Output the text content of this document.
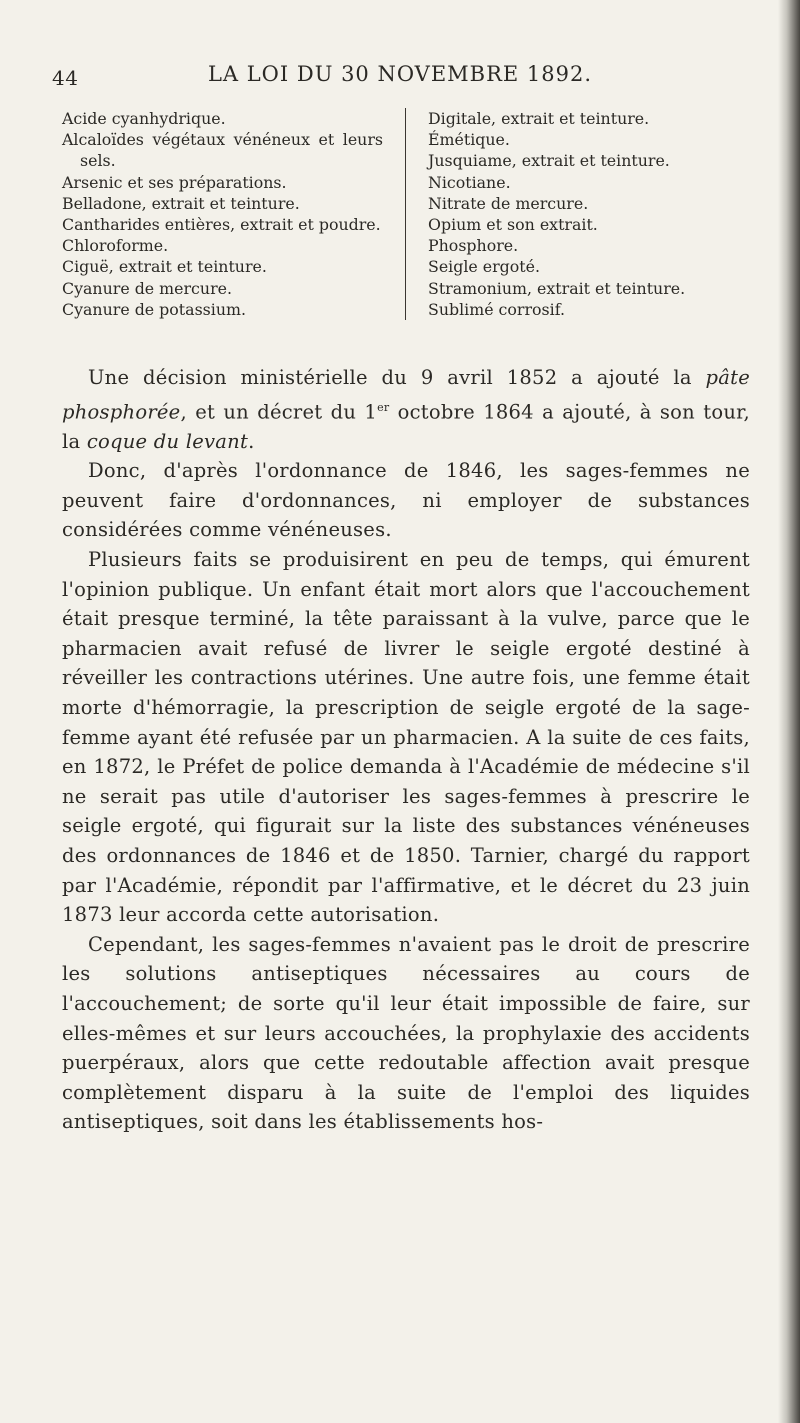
44	LA LOI DU 30 NOVEMBRE 1892.
Acide cyanhydrique.
Alcaloïdes végétaux vénéneux et leurs sels.
Arsenic et ses préparations.
Belladone, extrait et teinture.
Cantharides entières, extrait et poudre.
Chloroforme.
Ciguë, extrait et teinture.
Cyanure de mercure.
Cyanure de potassium.
Digitale, extrait et teinture.
Émétique.
Jusquiame, extrait et teinture.
Nicotiane.
Nitrate de mercure.
Opium et son extrait.
Phosphore.
Seigle ergoté.
Stramonium, extrait et teinture.
Sublimé corrosif.

Une décision ministérielle du 9 avril 1852 a ajouté la pâte phosphorée, et un décret du 1er octobre 1864 a ajouté, à son tour, la coque du levant.

Donc, d'après l'ordonnance de 1846, les sages-femmes ne peuvent faire d'ordonnances, ni employer de substances considérées comme vénéneuses.

Plusieurs faits se produisirent en peu de temps, qui émurent l'opinion publique. Un enfant était mort alors que l'accouchement était presque terminé, la tête paraissant à la vulve, parce que le pharmacien avait refusé de livrer le seigle ergoté destiné à réveiller les contractions utérines. Une autre fois, une femme était morte d'hémorragie, la prescription de seigle ergoté de la sage-femme ayant été refusée par un pharmacien. A la suite de ces faits, en 1872, le Préfet de police demanda à l'Académie de médecine s'il ne serait pas utile d'autoriser les sages-femmes à prescrire le seigle ergoté, qui figurait sur la liste des substances vénéneuses des ordonnances de 1846 et de 1850. Tarnier, chargé du rapport par l'Académie, répondit par l'affirmative, et le décret du 23 juin 1873 leur accorda cette autorisation.

Cependant, les sages-femmes n'avaient pas le droit de prescrire les solutions antiseptiques nécessaires au cours de l'accouchement; de sorte qu'il leur était impossible de faire, sur elles-mêmes et sur leurs accouchées, la prophylaxie des accidents puerpéraux, alors que cette redoutable affection avait presque complètement disparu à la suite de l'emploi des liquides antiseptiques, soit dans les établissements hos-
